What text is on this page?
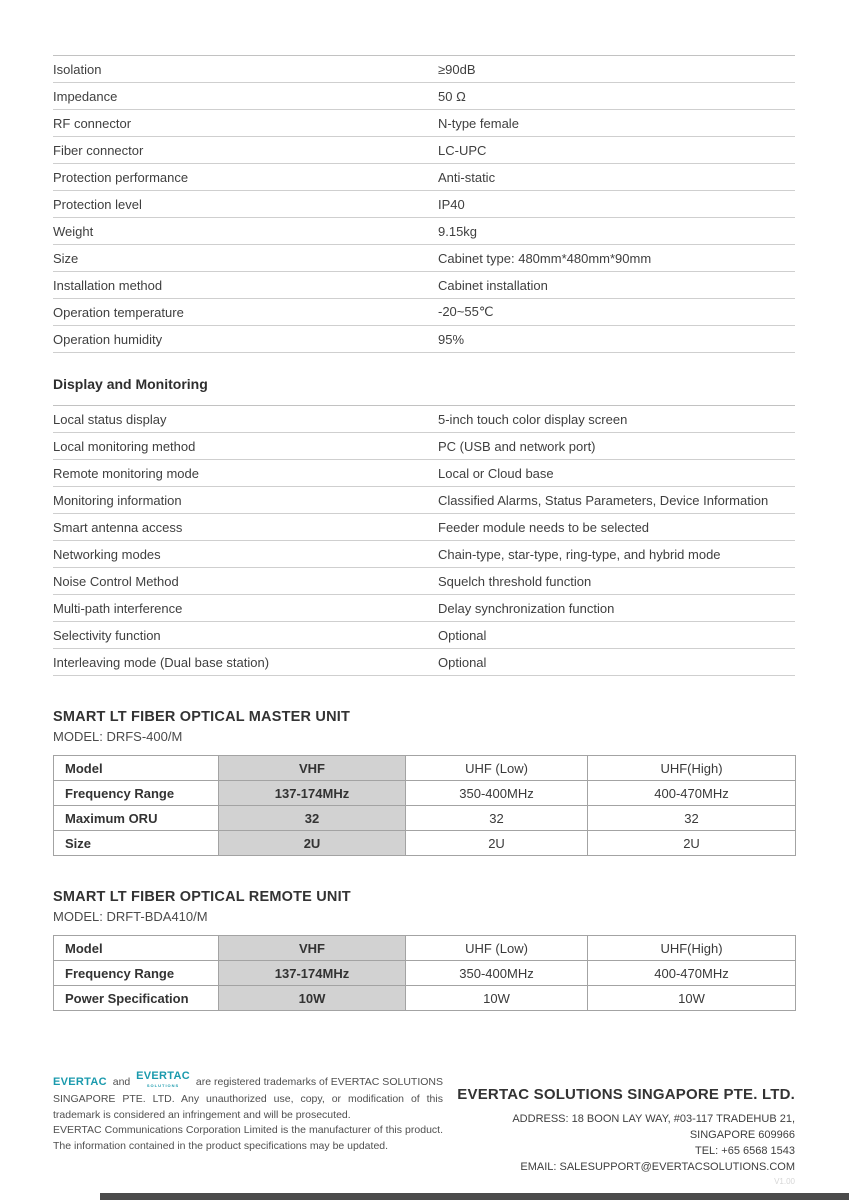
Isolation	≥90dB
Impedance	50 Ω
RF connector	N-type female
Fiber connector	LC-UPC
Protection performance	Anti-static
Protection level	IP40
Weight	9.15kg
Size	Cabinet type: 480mm*480mm*90mm
Installation method	Cabinet installation
Operation temperature	-20~55℃
Operation humidity	95%
Display and Monitoring
Local status display	5-inch touch color display screen
Local monitoring method	PC (USB and network port)
Remote monitoring mode	Local or Cloud base
Monitoring information	Classified Alarms, Status Parameters, Device Information
Smart antenna access	Feeder module needs to be selected
Networking modes	Chain-type, star-type, ring-type, and hybrid mode
Noise Control Method	Squelch threshold function
Multi-path interference	Delay synchronization function
Selectivity function	Optional
Interleaving mode (Dual base station)	Optional
SMART LT FIBER OPTICAL MASTER UNIT
MODEL: DRFS-400/M
Model	VHF	UHF (Low)	UHF(High)
Frequency Range	137-174MHz	350-400MHz	400-470MHz
Maximum ORU	32	32	32
Size	2U	2U	2U
SMART LT FIBER OPTICAL REMOTE UNIT
MODEL: DRFT-BDA410/M
Model	VHF	UHF (Low)	UHF(High)
Frequency Range	137-174MHz	350-400MHz	400-470MHz
Power Specification	10W	10W	10W

EVERTAC and EVERTAC
SOLUTIONS	are registered trademarks of EVERTAC SOLUTIONS SINGAPORE PTE. LTD. Any unauthorized use, copy, or modification of this trademark is considered an infringement and will be prosecuted.

EVERTAC Communications Corporation Limited is the manufacturer of this product. The information contained in the product specifications may be updated.

EVERTAC SOLUTIONS SINGAPORE PTE. LTD.
ADDRESS: 18 BOON LAY WAY, #03-117 TRADEHUB 21, SINGAPORE 609966
TEL: +65 6568 1543
EMAIL: SALESUPPORT@EVERTACSOLUTIONS.COM
V1.00
